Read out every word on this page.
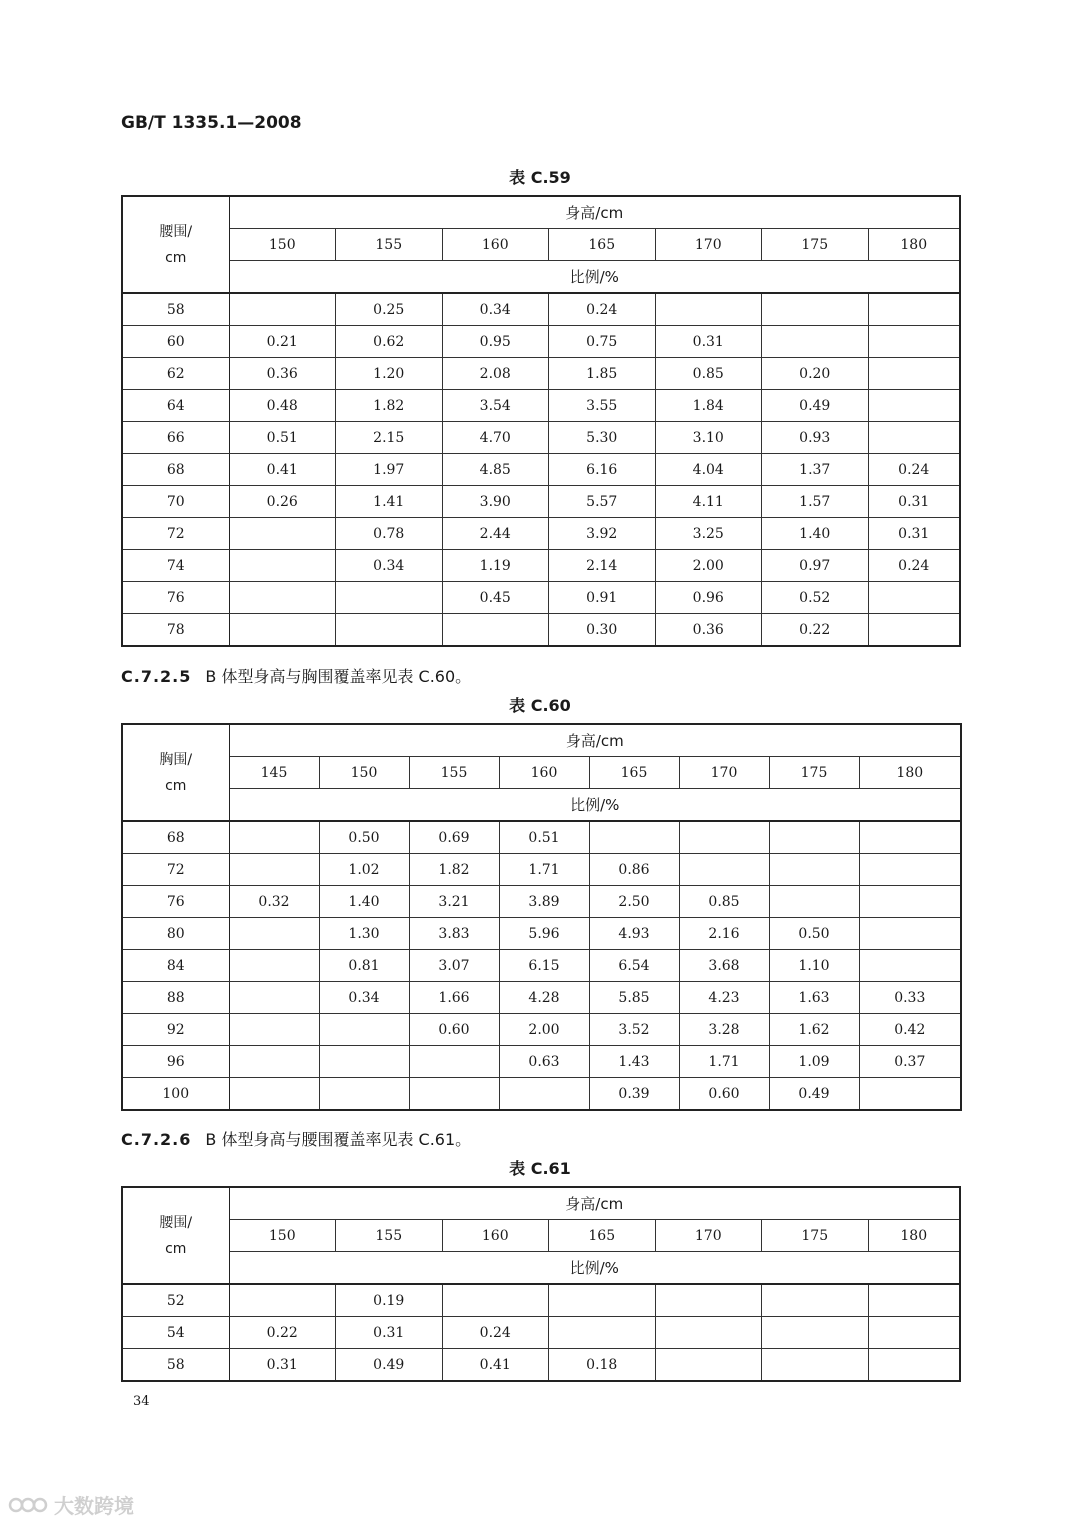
GB/T 1335.1—2008
表 C.59
腰围/
cm	身高/cm						
	150	155	160	165	170	175	180
	比例/%						
58		0.25	0.34	0.24			
60	0.21	0.62	0.95	0.75	0.31		
62	0.36	1.20	2.08	1.85	0.85	0.20	
64	0.48	1.82	3.54	3.55	1.84	0.49	
66	0.51	2.15	4.70	5.30	3.10	0.93	
68	0.41	1.97	4.85	6.16	4.04	1.37	0.24
70	0.26	1.41	3.90	5.57	4.11	1.57	0.31
72		0.78	2.44	3.92	3.25	1.40	0.31
74		0.34	1.19	2.14	2.00	0.97	0.24
76			0.45	0.91	0.96	0.52	
78				0.30	0.36	0.22	
C.7.2.5 B 体型身高与胸围覆盖率见表 C.60。
表 C.60
胸围/
cm	身高/cm							
	145	150	155	160	165	170	175	180
	比例/%							
68		0.50	0.69	0.51				
72		1.02	1.82	1.71	0.86			
76	0.32	1.40	3.21	3.89	2.50	0.85		
80		1.30	3.83	5.96	4.93	2.16	0.50	
84		0.81	3.07	6.15	6.54	3.68	1.10	
88		0.34	1.66	4.28	5.85	4.23	1.63	0.33
92			0.60	2.00	3.52	3.28	1.62	0.42
96				0.63	1.43	1.71	1.09	0.37
100					0.39	0.60	0.49	
C.7.2.6 B 体型身高与腰围覆盖率见表 C.61。
表 C.61
腰围/
cm	身高/cm						
	150	155	160	165	170	175	180
	比例/%						
52		0.19					
54	0.22	0.31	0.24				
58	0.31	0.49	0.41	0.18			
34
大数跨境
